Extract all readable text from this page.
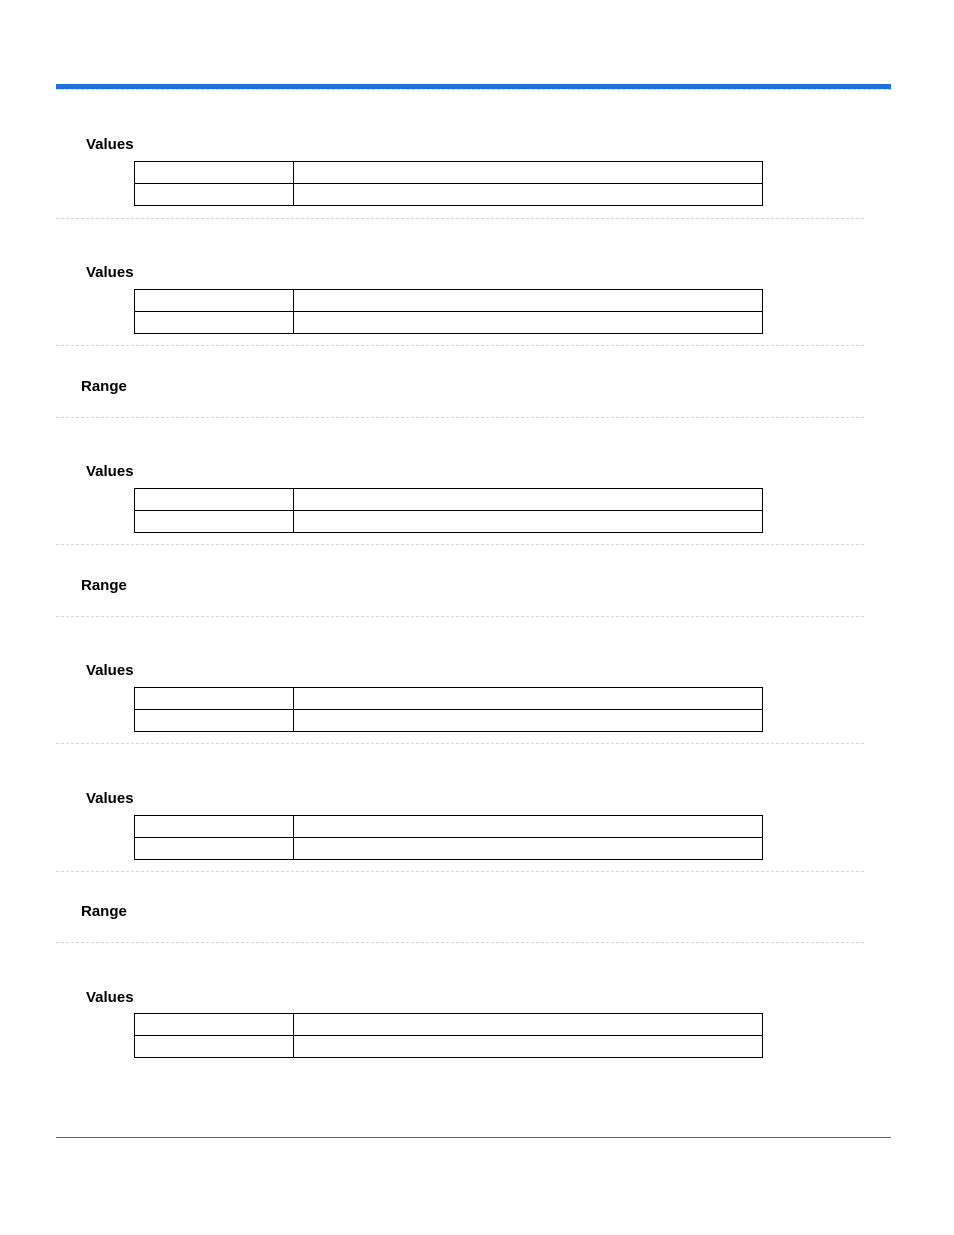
Values

Values

Range
Values

Range
Values

Values

Range
Values
